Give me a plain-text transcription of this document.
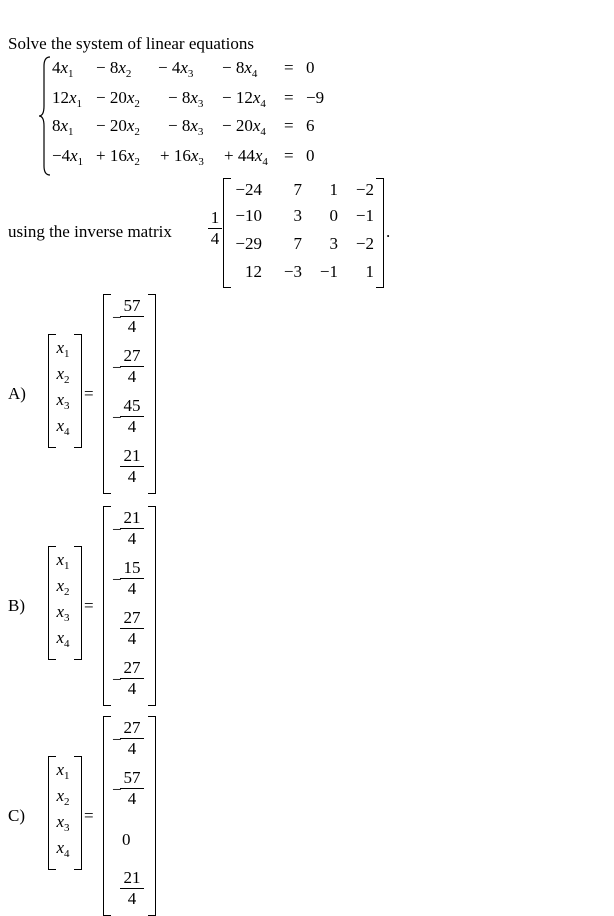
Solve the system of linear equations
$4x_1 - 8x_2 - 4x_3 - 8x_4 = 0$
$12x_1 - 20x_2 - 8x_3 - 12x_4 = -9$
$8x_1 - 20x_2 - 8x_3 - 20x_4 = 6$
$-4x_1 + 16x_2 + 16x_3 + 44x_4 = 0$
using the inverse matrix
1
4
−24	7	1	−2
−10	3	0	−1
−29	7	3	−2
12	−3	−1	1
.
A)
$x_1$
$x_2$
$x_3$
$x_4$
=
−
57
4
−
27
4
−
45
4
21
4
B)
$x_1$
$x_2$
$x_3$
$x_4$
=
−
21
4
−
15
4
27
4
−
27
4
C)
$x_1$
$x_2$
$x_3$
$x_4$
=
−
27
4
−
57
4
0
21
4
